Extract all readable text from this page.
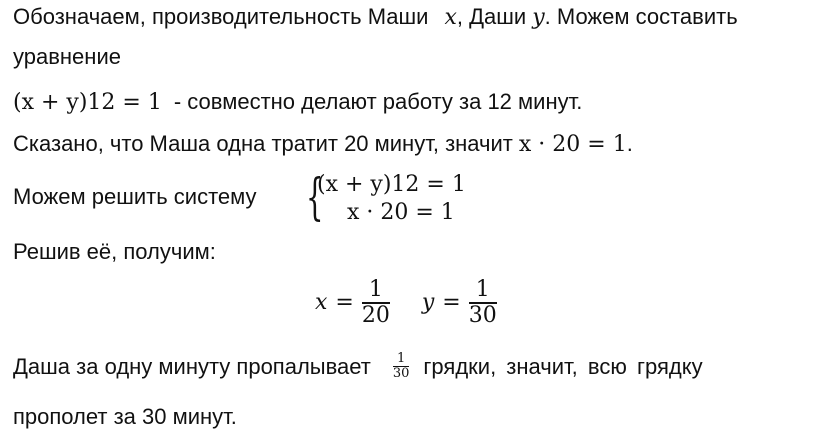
Обозначаем, производительность Маши x, Даши y. Можем составить
уравнение
(x + y)12 = 1 - совместно делают работу за 12 минут.
Сказано, что Маша одна тратит 20 минут, значит x · 20 = 1.
Можем решить систему {
(x + y)12 = 1
x · 20 = 1
Решив её, получим:
$x = \frac{1}{20}$ $y = \frac{1}{30}$
Даша за одну минуту пропалывает $\frac{1}{30}$ грядки, значит, всю грядку
прополет за 30 минут.
